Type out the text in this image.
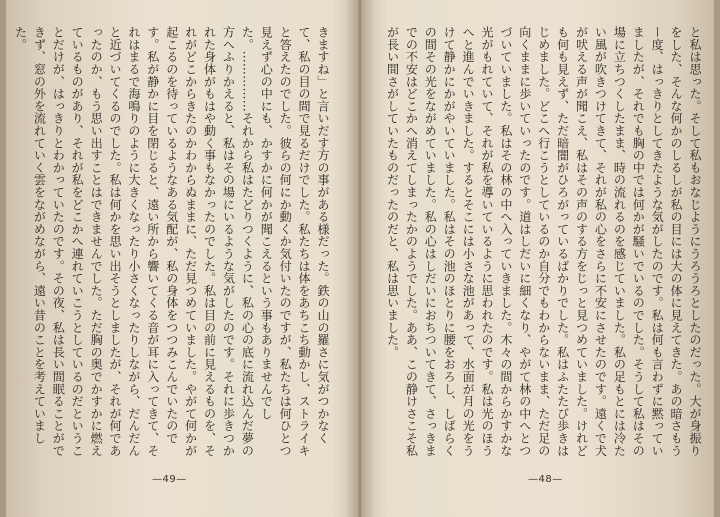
きますね」と言いだす方の事がある様だった。鉄の山の羅さに気がつかなくて、私の目の間で見るだけでした。私たちは体をあちこち動かし、ストライキと答えたのでした。彼らの何にか動くか気付いたのですが、私たちは何ひとつ見えず心の中にも、かすかに何かが聞こえるという事もありませんでした。……………それから私はたどりつくように、私の心の底に流れ込んだ夢の方へふりかえると、私はその場にいるような気がしたのです。それに歩きつかれた身体がもはや動く事もなかったのでした。私は目の前に見えるものを、それがどこからきたのかわからぬままに、ただ見つめていました。やがて何かが起こるのを待っているようなある気配が、私の身体をつつみこんでいたのです。私が静かに目を閉じると、遠い所から響いてくる音が耳に入ってきて、それはまるで海鳴りのように大きくなったり小さくなったりしながら、だんだんと近づいてくるのでした。私は何かを思い出そうとしましたが、それが何であったのか、もう思い出すことはできませんでした。ただ胸の奥でかすかに燃えているものがあり、それが私をどこかへ連れていこうとしているのだということだけが、はっきりとわかっていたのです。その夜、私は長い間眠ることができず、窓の外を流れていく雲をながめながら、遠い昔のことを考えていました。
—49—
と私は思った。そして私もおなじようにうろうろとしたのだった。大が身振りをした、そんな何かのしるしが私の目には大の体に見えてきた。あの暗さもうー度、はっきりとしてきたような気がしたのです。私は何も言わずに黙っていましたが、それでも胸の中では何かが騒いでいるのでした。そうして私はその場に立ちつくしたまま、時の流れるのを感じていました。私の足もとには冷たい風が吹きつけてきて、それが私の心をさらに不安にさせたのです。遠くで犬が吠える声が聞こえ、私はその声のする方をじっと見つめていました。けれども何も見えず、ただ暗闇がひろがっているばかりでした。私はふたたび歩きはじめました。どこへ行こうとしているのか自分でもわからないまま、ただ足の向くままに歩いていったのです。道はしだいに細くなり、やがて林の中へとつづいていました。私はその林の中へ入っていきました。木々の間からかすかな光がもれていて、それが私を導いているように思われたのです。私は光のほうへと進んでいきました。するとそこには小さな池があって、水面が月の光をうけて静かにかがやいていました。私はその池のほとりに腰をおろし、しばらくの間その光をながめていました。私の心はしだいにおちついてきて、さっきまでの不安はどこかへ消えてしまったかのようでした。ああ、この静けさこそ私が長い間さがしていたものだったのだと、私は思いました。
—48—
